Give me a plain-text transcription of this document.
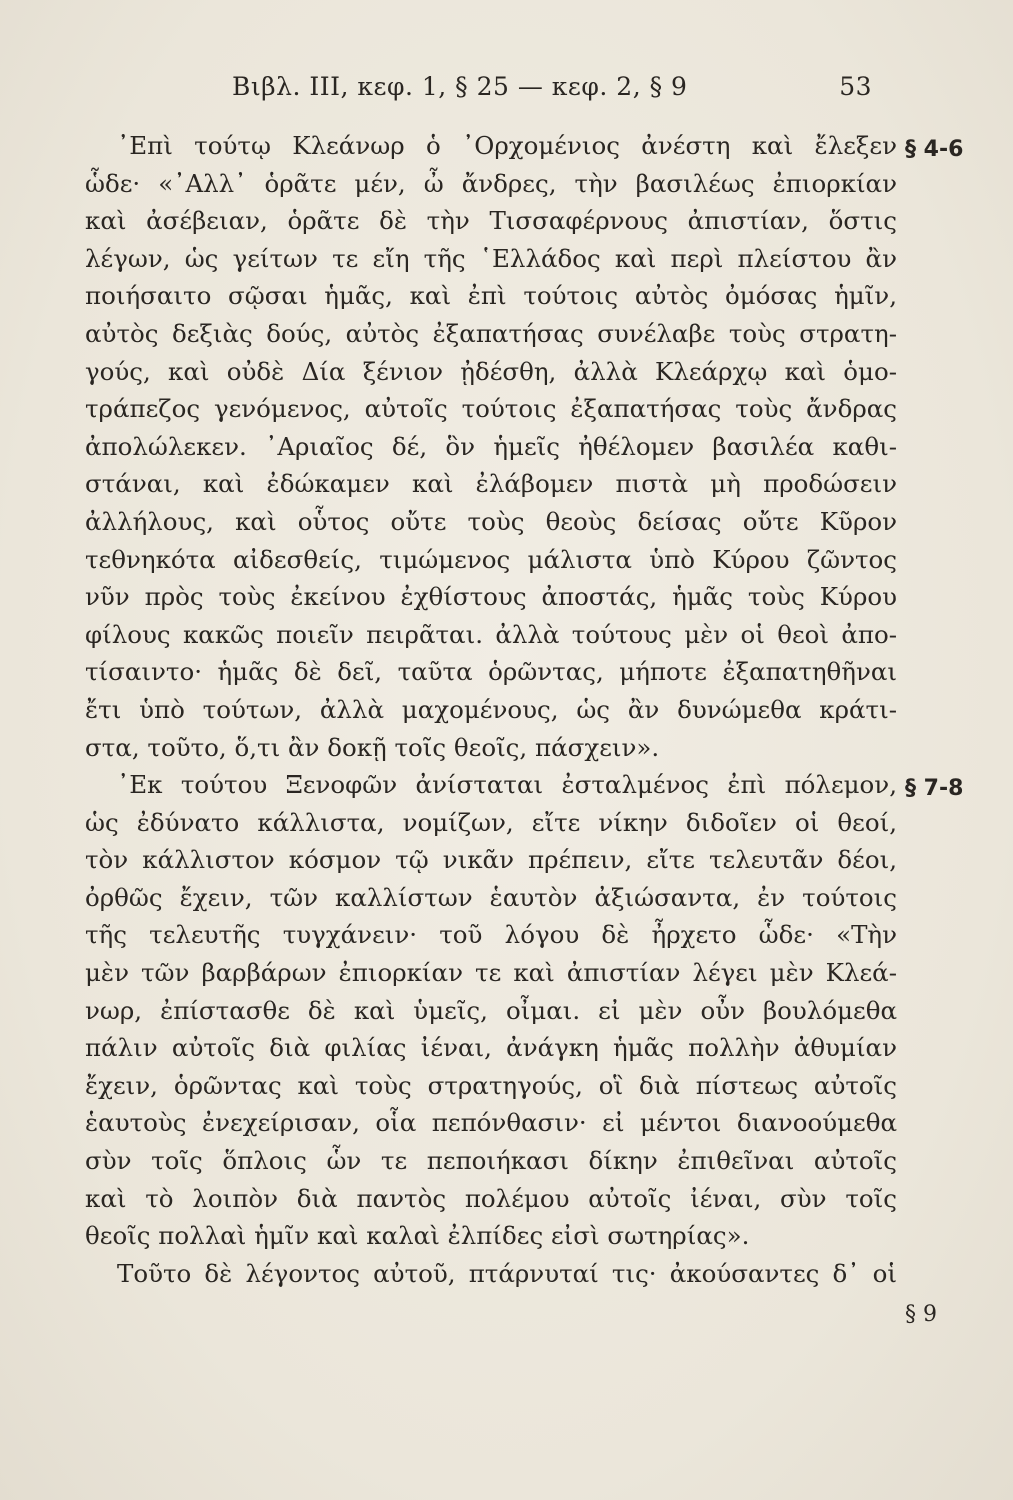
Βιβλ. III, κεφ. 1, § 25 — κεφ. 2, § 9	53
᾿Επὶ τούτῳ Κλεάνωρ ὁ ᾿Ορχομένιος ἀνέστη καὶ ἔλεξεν
ὧδε· «᾿Αλλ᾿ ὁρᾶτε μέν, ὦ ἄνδρες, τὴν βασιλέως ἐπιορκίαν
καὶ ἀσέβειαν, ὁρᾶτε δὲ τὴν Τισσαφέρνους ἀπιστίαν, ὅστις
λέγων, ὡς γείτων τε εἴη τῆς ῾Ελλάδος καὶ περὶ πλείστου ἂν
ποιήσαιτο σῷσαι ἡμᾶς, καὶ ἐπὶ τούτοις αὐτὸς ὀμόσας ἡμῖν,
αὐτὸς δεξιὰς δούς, αὐτὸς ἐξαπατήσας συνέλαβε τοὺς στρατη-
γούς, καὶ οὐδὲ Δία ξένιον ᾐδέσθη, ἀλλὰ Κλεάρχῳ καὶ ὁμο-
τράπεζος γενόμενος, αὐτοῖς τούτοις ἐξαπατήσας τοὺς ἄνδρας
ἀπολώλεκεν. ᾿Αριαῖος δέ, ὃν ἡμεῖς ἠθέλομεν βασιλέα καθι-
στάναι, καὶ ἐδώκαμεν καὶ ἐλάβομεν πιστὰ μὴ προδώσειν
ἀλλήλους, καὶ οὗτος οὔτε τοὺς θεοὺς δείσας οὔτε Κῦρον
τεθνηκότα αἰδεσθείς, τιμώμενος μάλιστα ὑπὸ Κύρου ζῶντος
νῦν πρὸς τοὺς ἐκείνου ἐχθίστους ἀποστάς, ἡμᾶς τοὺς Κύρου
φίλους κακῶς ποιεῖν πειρᾶται. ἀλλὰ τούτους μὲν οἱ θεοὶ ἀπο-
τίσαιντο· ἡμᾶς δὲ δεῖ, ταῦτα ὁρῶντας, μήποτε ἐξαπατηθῆναι
ἔτι ὑπὸ τούτων, ἀλλὰ μαχομένους, ὡς ἂν δυνώμεθα κράτι-
στα, τοῦτο, ὅ,τι ἂν δοκῇ τοῖς θεοῖς, πάσχειν».
᾿Εκ τούτου Ξενοφῶν ἀνίσταται ἐσταλμένος ἐπὶ πόλεμον,
ὡς ἐδύνατο κάλλιστα, νομίζων, εἴτε νίκην διδοῖεν οἱ θεοί,
τὸν κάλλιστον κόσμον τῷ νικᾶν πρέπειν, εἴτε τελευτᾶν δέοι,
ὀρθῶς ἔχειν, τῶν καλλίστων ἑαυτὸν ἀξιώσαντα, ἐν τούτοις
τῆς τελευτῆς τυγχάνειν· τοῦ λόγου δὲ ἦρχετο ὧδε· «Τὴν
μὲν τῶν βαρβάρων ἐπιορκίαν τε καὶ ἀπιστίαν λέγει μὲν Κλεά-
νωρ, ἐπίστασθε δὲ καὶ ὑμεῖς, οἶμαι. εἰ μὲν οὖν βουλόμεθα
πάλιν αὐτοῖς διὰ φιλίας ἰέναι, ἀνάγκη ἡμᾶς πολλὴν ἀθυμίαν
ἔχειν, ὁρῶντας καὶ τοὺς στρατηγούς, οἳ διὰ πίστεως αὐτοῖς
ἑαυτοὺς ἐνεχείρισαν, οἷα πεπόνθασιν· εἰ μέντοι διανοούμεθα
σὺν τοῖς ὅπλοις ὧν τε πεποιήκασι δίκην ἐπιθεῖναι αὐτοῖς
καὶ τὸ λοιπὸν διὰ παντὸς πολέμου αὐτοῖς ἰέναι, σὺν τοῖς
θεοῖς πολλαὶ ἡμῖν καὶ καλαὶ ἐλπίδες εἰσὶ σωτηρίας».
Τοῦτο δὲ λέγοντος αὐτοῦ, πτάρνυταί τις· ἀκούσαντες δ᾿ οἱ
§ 4-6
§ 7-8
§ 9
